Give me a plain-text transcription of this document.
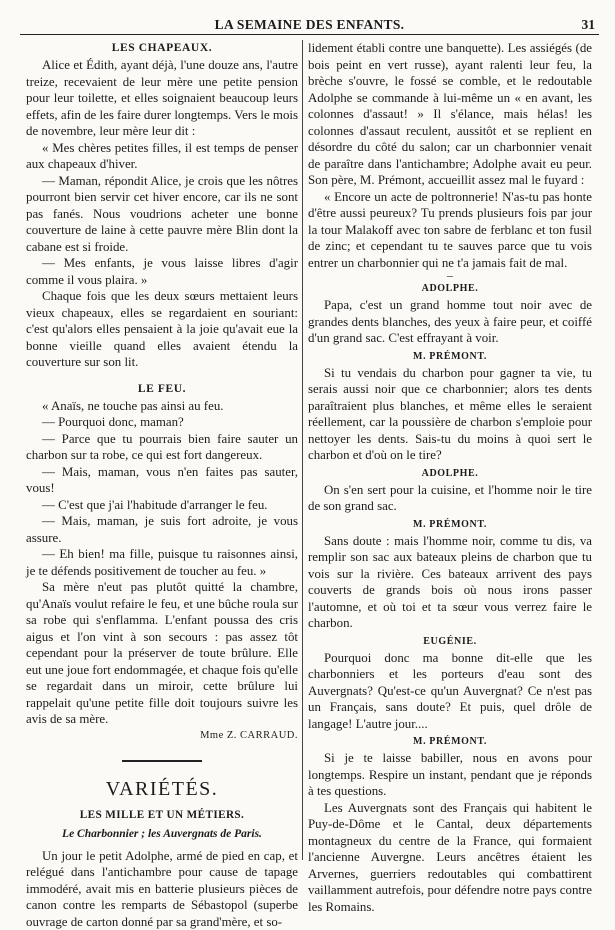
LA SEMAINE DES ENFANTS.	31
LES CHAPEAUX.

Alice et Édith, ayant déjà, l'une douze ans, l'autre treize, recevaient de leur mère une petite pension pour leur toilette, et elles soignaient beaucoup leurs effets, afin de les faire durer longtemps. Vers le mois de novembre, leur mère leur dit :

« Mes chères petites filles, il est temps de penser aux chapeaux d'hiver.

— Maman, répondit Alice, je crois que les nôtres pourront bien servir cet hiver encore, car ils ne sont pas fanés. Nous voudrions acheter une bonne couverture de laine à cette pauvre mère Blin dont la cabane est si froide.

— Mes enfants, je vous laisse libres d'agir comme il vous plaira. »

Chaque fois que les deux sœurs mettaient leurs vieux chapeaux, elles se regardaient en souriant: c'est qu'alors elles pensaient à la joie qu'avait eue la bonne vieille quand elles avaient étendu la couverture sur son lit.

LE FEU.

« Anaïs, ne touche pas ainsi au feu.

— Pourquoi donc, maman?

— Parce que tu pourrais bien faire sauter un charbon sur ta robe, ce qui est fort dangereux.

— Mais, maman, vous n'en faites pas sauter, vous!

— C'est que j'ai l'habitude d'arranger le feu.

— Mais, maman, je suis fort adroite, je vous assure.

— Eh bien! ma fille, puisque tu raisonnes ainsi, je te défends positivement de toucher au feu. »

Sa mère n'eut pas plutôt quitté la chambre, qu'Anaïs voulut refaire le feu, et une bûche roula sur sa robe qui s'enflamma. L'enfant poussa des cris aigus et l'on vint à son secours : pas assez tôt cependant pour la préserver de toute brûlure. Elle eut une joue fort endommagée, et chaque fois qu'elle se regardait dans un miroir, cette brûlure lui rappelait qu'une petite fille doit toujours suivre les avis de sa mère.

Mme Z. CARRAUD.

VARIÉTÉS.
LES MILLE ET UN MÉTIERS.
Le Charbonnier ; les Auvergnats de Paris.

Un jour le petit Adolphe, armé de pied en cap, et relégué dans l'antichambre pour cause de tapage immodéré, avait mis en batterie plusieurs pièces de canon contre les remparts de Sébastopol (superbe ouvrage de carton donné par sa grand'mère, et so-

lidement établi contre une banquette). Les assiégés (de bois peint en vert russe), ayant ralenti leur feu, la brèche s'ouvre, le fossé se comble, et le redoutable Adolphe se commande à lui-même un « en avant, les colonnes d'assaut! » Il s'élance, mais hélas! les colonnes d'assaut reculent, aussitôt et se replient en désordre du côté du salon; car un charbonnier venait de paraître dans l'antichambre; Adolphe avait eu peur. Son père, M. Prémont, accueillit assez mal le fuyard :

« Encore un acte de poltronnerie! N'as-tu pas honte d'être aussi peureux? Tu prends plusieurs fois par jour la tour Malakoff avec ton sabre de ferblanc et ton fusil de zinc; et cependant tu te sauves parce que tu vois entrer un charbonnier qui ne t'a jamais fait de mal.

–
ADOLPHE.

Papa, c'est un grand homme tout noir avec de grandes dents blanches, des yeux à faire peur, et coiffé d'un grand sac. C'est effrayant à voir.

M. PRÉMONT.

Si tu vendais du charbon pour gagner ta vie, tu serais aussi noir que ce charbonnier; alors tes dents paraîtraient plus blanches, et même elles le seraient réellement, car la poussière de charbon s'emploie pour nettoyer les dents. Sais-tu du moins à quoi sert le charbon et d'où on le tire?

ADOLPHE.

On s'en sert pour la cuisine, et l'homme noir le tire de son grand sac.

M. PRÉMONT.

Sans doute : mais l'homme noir, comme tu dis, va remplir son sac aux bateaux pleins de charbon que tu vois sur la rivière. Ces bateaux arrivent des pays couverts de grands bois où nous irons passer l'automne, et où toi et ta sœur vous verrez faire le charbon.

EUGÉNIE.

Pourquoi donc ma bonne dit-elle que les charbonniers et les porteurs d'eau sont des Auvergnats? Qu'est-ce qu'un Auvergnat? Ce n'est pas un Français, sans doute? Et puis, quel drôle de langage! L'autre jour....

M. PRÉMONT.

Si je te laisse babiller, nous en avons pour longtemps. Respire un instant, pendant que je réponds à tes questions.

Les Auvergnats sont des Français qui habitent le Puy-de-Dôme et le Cantal, deux départements montagneux du centre de la France, qui formaient l'ancienne Auvergne. Leurs ancêtres étaient les Arvernes, guerriers redoutables qui combattirent vaillamment autrefois, pour défendre notre pays contre les Romains.
